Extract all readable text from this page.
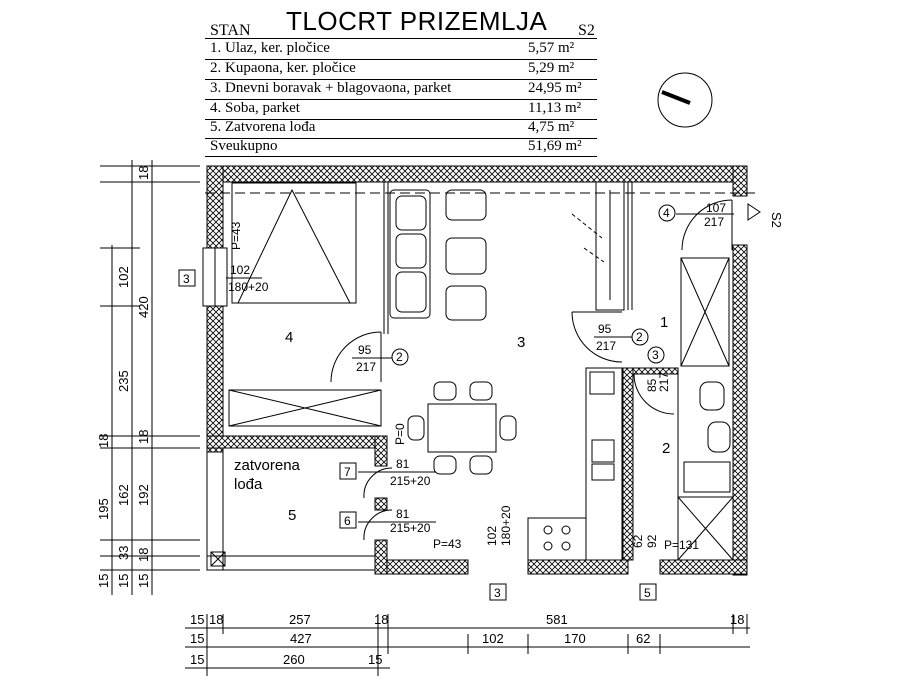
STAN TLOCRT PRIZEMLJA S2
1. Ulaz, ker. pločice	5,57 m²
2. Kupaona, ker. pločice	5,29 m²
3. Dnevni boravak + blagovaona, parket	24,95 m²
4. Soba, parket	11,13 m²
5. Zatvorena lođa	4,75 m²
Sveukupno	51,69 m²
S2
4	3
1
2
5
zatvorena
lođa
P=43
P=0
P=43	P=131
3
102
180+20
2
95
217
4	107
217
2
95
217
3
85
217
7
81
215+20
6	81
215+20
3
102 180+20
5
62 92
102
235
195
420
162
18
18
192
18
15 15 15
33
18
15 18	257	18	581	18
15	427	102	170	62
15	260	15
